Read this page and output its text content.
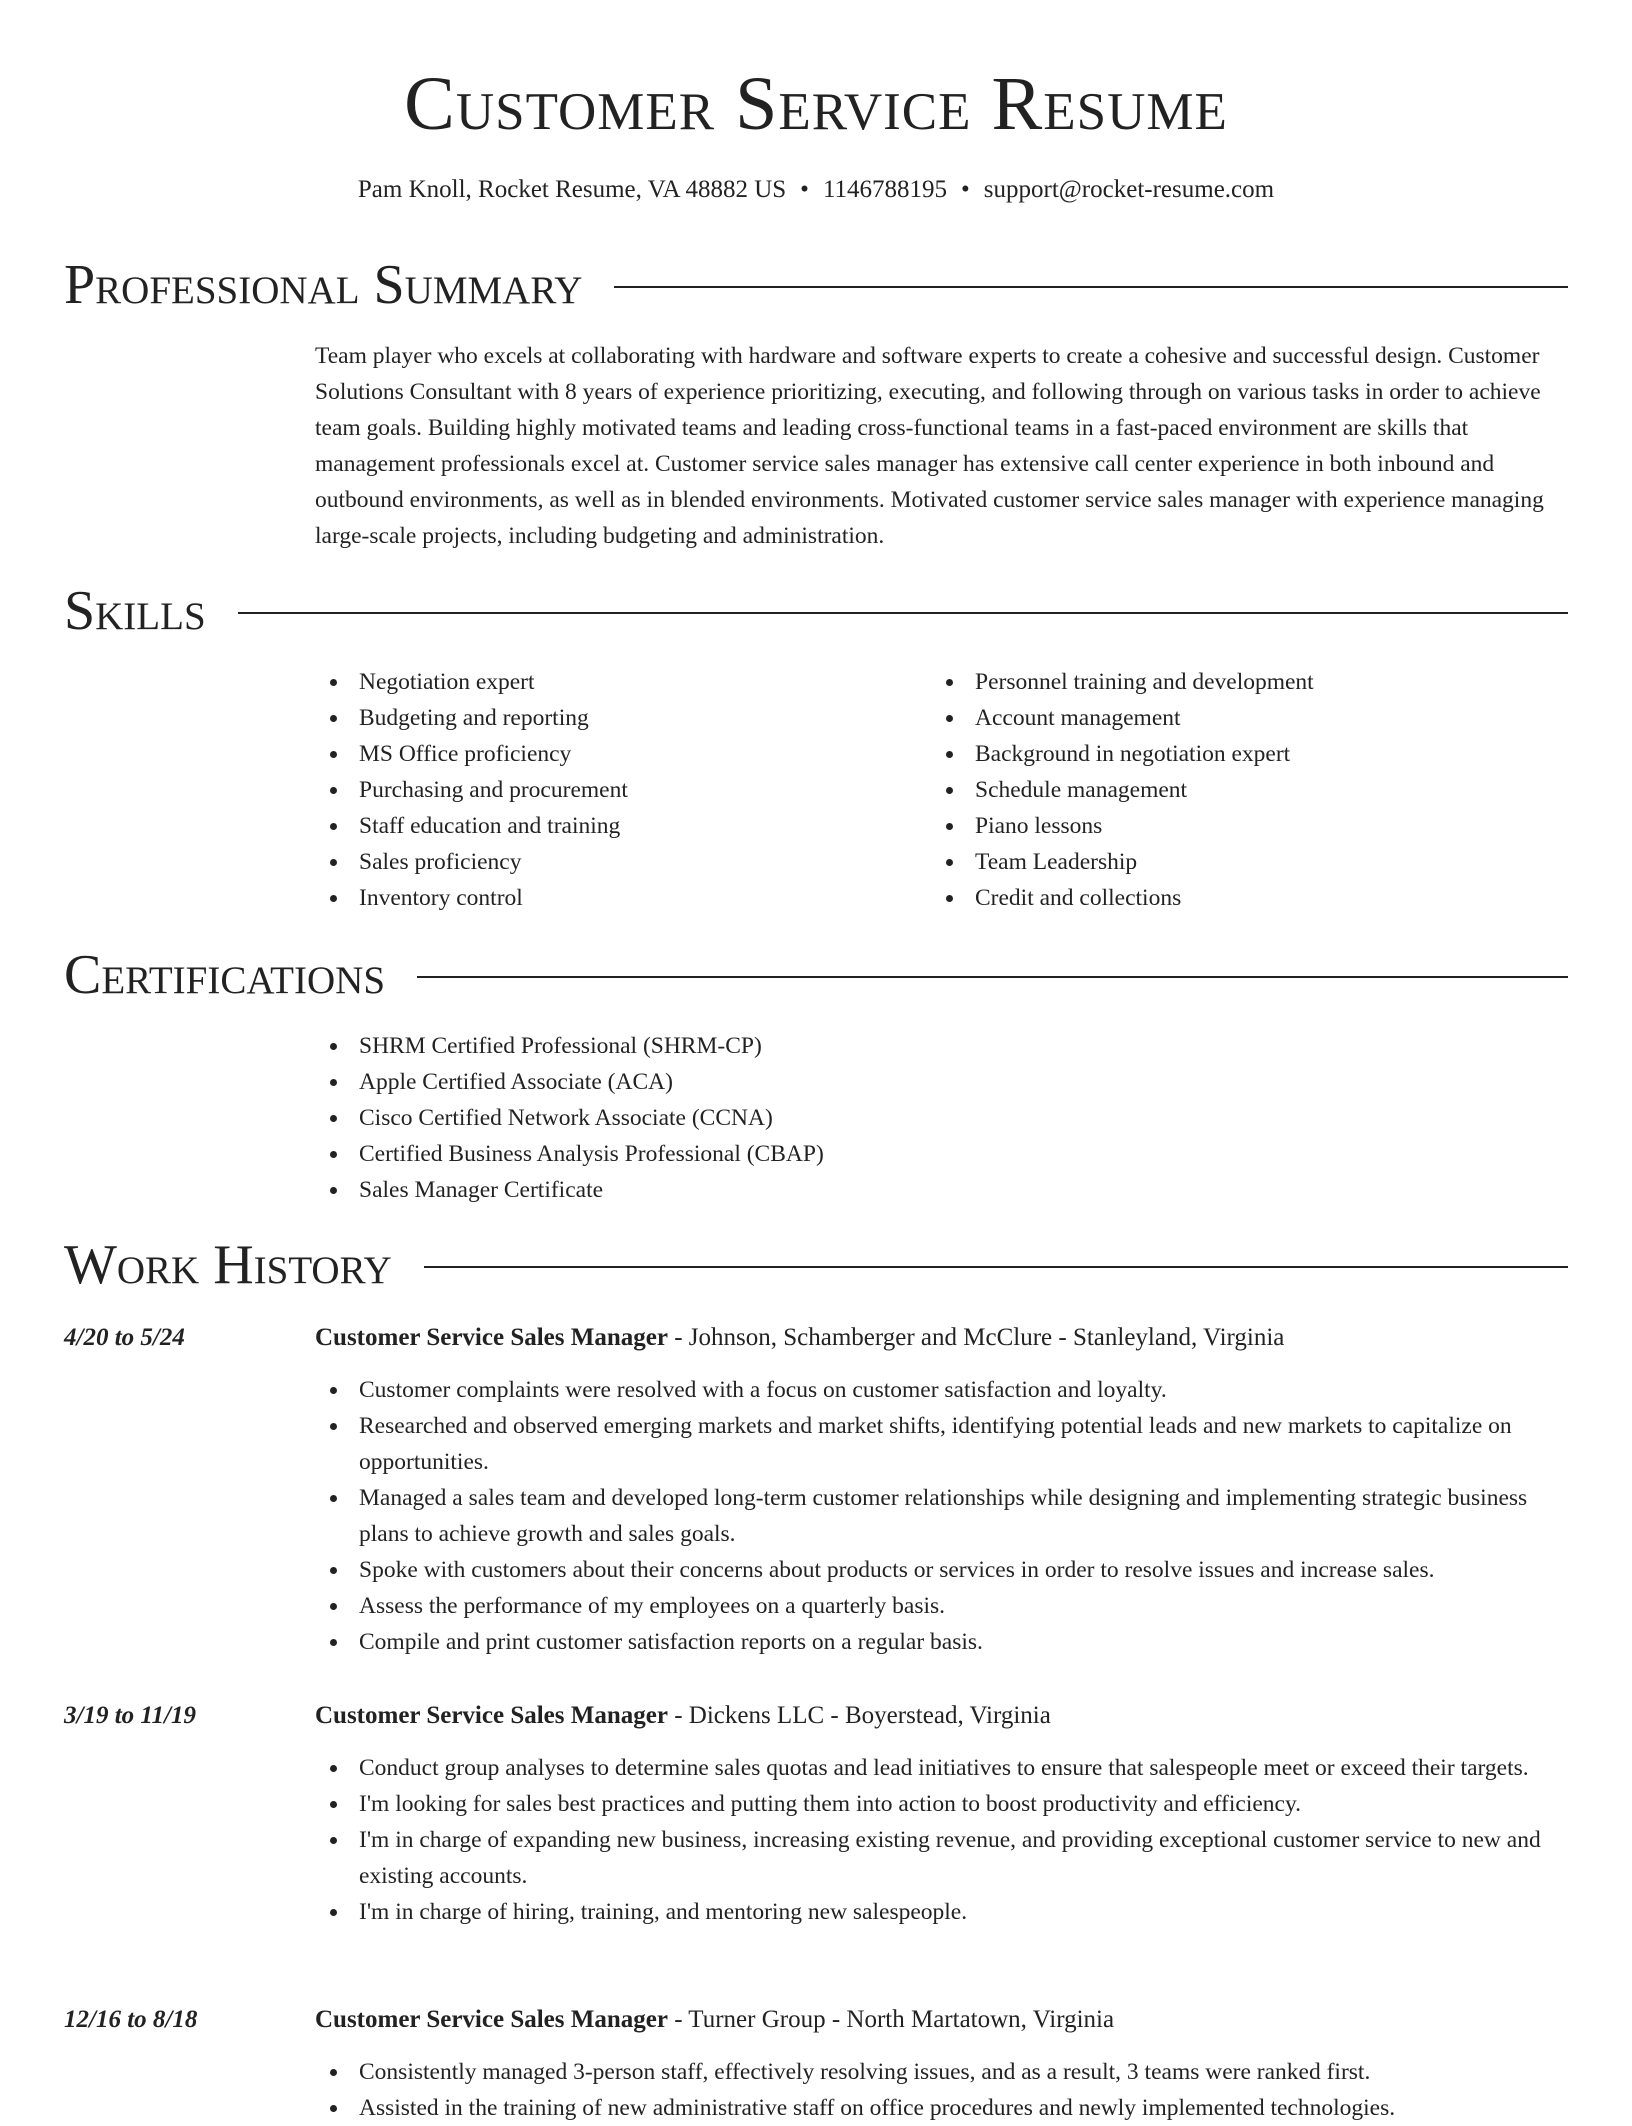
Customer Service Resume
Pam Knoll, Rocket Resume, VA 48882 US • 1146788195 • support@rocket-resume.com
Professional Summary

Team player who excels at collaborating with hardware and software experts to create a cohesive and successful design. Customer Solutions Consultant with 8 years of experience prioritizing, executing, and following through on various tasks in order to achieve team goals. Building highly motivated teams and leading cross-functional teams in a fast-paced environment are skills that management professionals excel at. Customer service sales manager has extensive call center experience in both inbound and outbound environments, as well as in blended environments. Motivated customer service sales manager with experience managing large-scale projects, including budgeting and administration.

Skills
Negotiation expert
Budgeting and reporting
MS Office proficiency
Purchasing and procurement
Staff education and training
Sales proficiency
Inventory control
Personnel training and development
Account management
Background in negotiation expert
Schedule management
Piano lessons
Team Leadership
Credit and collections
Certifications
SHRM Certified Professional (SHRM-CP)
Apple Certified Associate (ACA)
Cisco Certified Network Associate (CCNA)
Certified Business Analysis Professional (CBAP)
Sales Manager Certificate
Work History
4/20 to 5/24	Customer Service Sales Manager - Johnson, Schamberger and McClure - Stanleyland, Virginia
Customer complaints were resolved with a focus on customer satisfaction and loyalty.
Researched and observed emerging markets and market shifts, identifying potential leads and new markets to capitalize on opportunities.
Managed a sales team and developed long-term customer relationships while designing and implementing strategic business plans to achieve growth and sales goals.
Spoke with customers about their concerns about products or services in order to resolve issues and increase sales.
Assess the performance of my employees on a quarterly basis.
Compile and print customer satisfaction reports on a regular basis.
3/19 to 11/19	Customer Service Sales Manager - Dickens LLC - Boyerstead, Virginia
Conduct group analyses to determine sales quotas and lead initiatives to ensure that salespeople meet or exceed their targets.
I'm looking for sales best practices and putting them into action to boost productivity and efficiency.
I'm in charge of expanding new business, increasing existing revenue, and providing exceptional customer service to new and existing accounts.
I'm in charge of hiring, training, and mentoring new salespeople.
12/16 to 8/18	Customer Service Sales Manager - Turner Group - North Martatown, Virginia
Consistently managed 3-person staff, effectively resolving issues, and as a result, 3 teams were ranked first.
Assisted in the training of new administrative staff on office procedures and newly implemented technologies.
